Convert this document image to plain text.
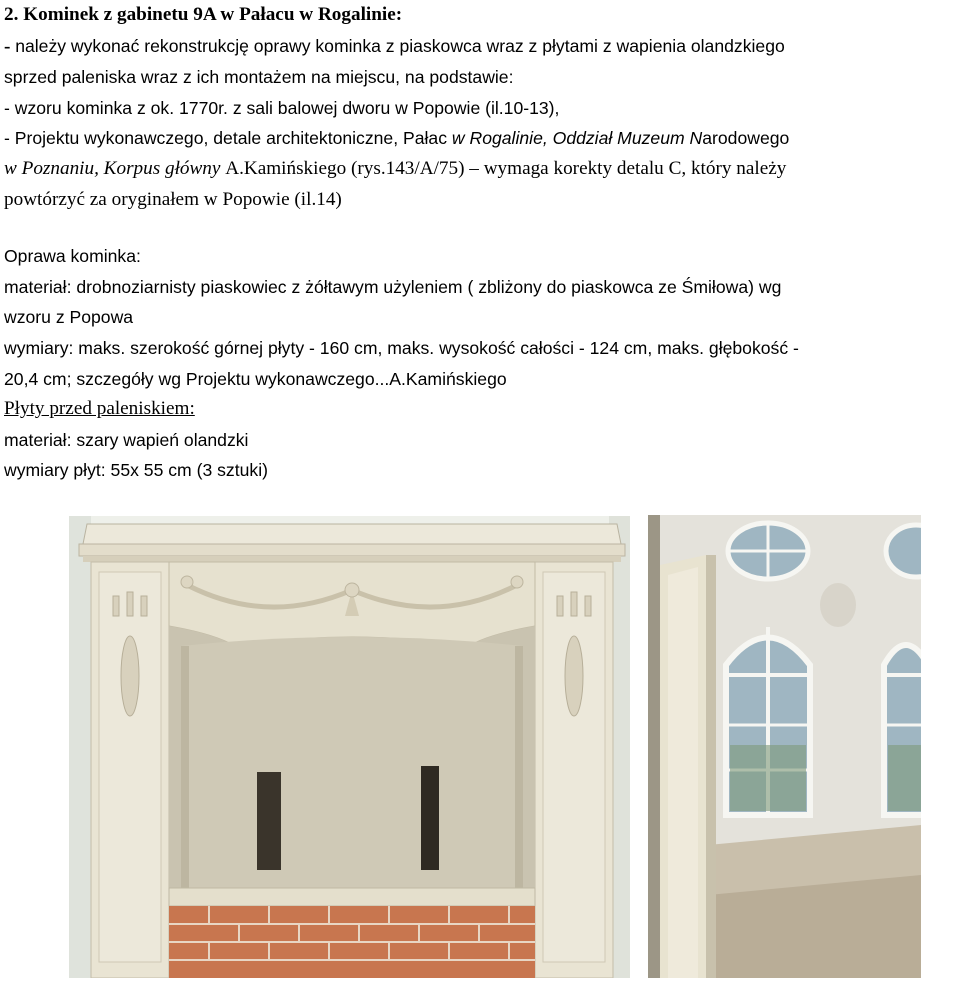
2. Kominek z gabinetu 9A w Pałacu w Rogalinie:
- należy wykonać rekonstrukcję oprawy kominka z piaskowca wraz z płytami z wapienia olandzkiego
sprzed paleniska wraz z ich montażem na miejscu, na podstawie:
- wzoru kominka z ok. 1770r. z sali balowej dworu w Popowie (il.10-13),
- Projektu wykonawczego, detale architektoniczne, Pałac w Rogalinie, Oddział Muzeum Narodowego
w Poznaniu, Korpus główny A.Kamińskiego (rys.143/A/75) – wymaga korekty detalu C, który należy
powtórzyć za oryginałem w Popowie (il.14)
Oprawa kominka:
materiał: drobnoziarnisty piaskowiec z żółtawym użyleniem ( zbliżony do piaskowca ze Śmiłowa) wg
wzoru z Popowa
wymiary: maks. szerokość górnej płyty - 160 cm, maks. wysokość całości - 124 cm, maks. głębokość -
20,4 cm; szczegóły wg Projektu wykonawczego...A.Kamińskiego
Płyty przed paleniskiem:
materiał: szary wapień olandzki
wymiary płyt: 55x 55 cm (3 sztuki)
